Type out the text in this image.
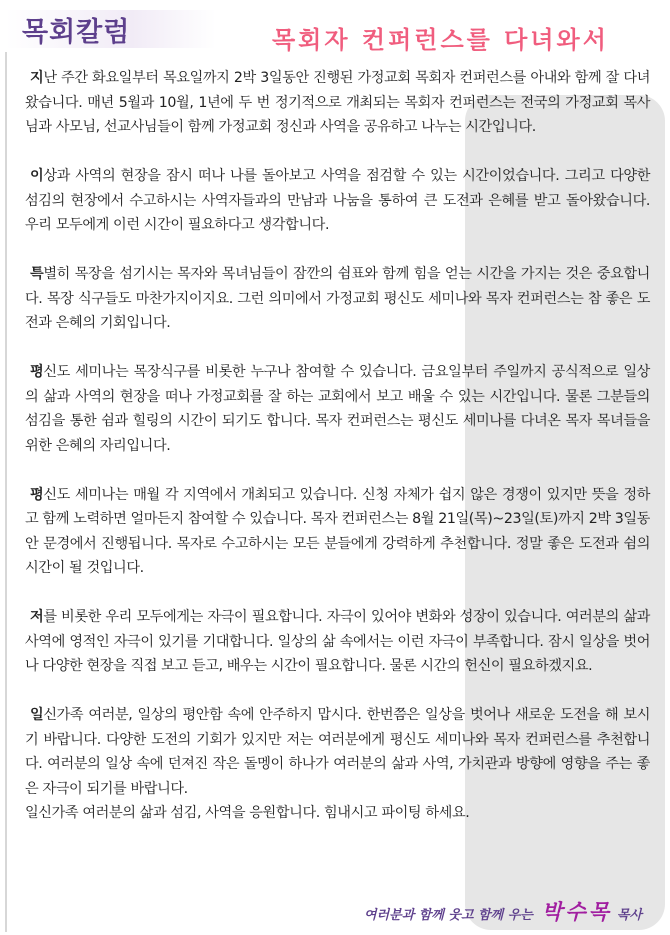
목회칼럼	목회자 컨퍼런스를 다녀와서

지난 주간 화요일부터 목요일까지 2박 3일동안 진행된 가정교회 목회자 컨퍼런스를 아내와 함께 잘 다녀왔습니다. 매년 5월과 10월, 1년에 두 번 정기적으로 개최되는 목회자 컨퍼런스는 전국의 가정교회 목사님과 사모님, 선교사님들이 함께 가정교회 정신과 사역을 공유하고 나누는 시간입니다.

이상과 사역의 현장을 잠시 떠나 나를 돌아보고 사역을 점검할 수 있는 시간이었습니다. 그리고 다양한 섬김의 현장에서 수고하시는 사역자들과의 만남과 나눔을 통하여 큰 도전과 은혜를 받고 돌아왔습니다. 우리 모두에게 이런 시간이 필요하다고 생각합니다.

특별히 목장을 섬기시는 목자와 목녀님들이 잠깐의 쉼표와 함께 힘을 얻는 시간을 가지는 것은 중요합니다. 목장 식구들도 마찬가지이지요. 그런 의미에서 가정교회 평신도 세미나와 목자 컨퍼런스는 참 좋은 도전과 은혜의 기회입니다.

평신도 세미나는 목장식구를 비롯한 누구나 참여할 수 있습니다. 금요일부터 주일까지 공식적으로 일상의 삶과 사역의 현장을 떠나 가정교회를 잘 하는 교회에서 보고 배울 수 있는 시간입니다. 물론 그분들의 섬김을 통한 쉼과 힐링의 시간이 되기도 합니다. 목자 컨퍼런스는 평신도 세미나를 다녀온 목자 목녀들을 위한 은혜의 자리입니다.

평신도 세미나는 매월 각 지역에서 개최되고 있습니다. 신청 자체가 쉽지 않은 경쟁이 있지만 뜻을 정하고 함께 노력하면 얼마든지 참여할 수 있습니다. 목자 컨퍼런스는 8월 21일(목)~23일(토)까지 2박 3일동안 문경에서 진행됩니다. 목자로 수고하시는 모든 분들에게 강력하게 추천합니다. 정말 좋은 도전과 쉼의 시간이 될 것입니다.

저를 비롯한 우리 모두에게는 자극이 필요합니다. 자극이 있어야 변화와 성장이 있습니다. 여러분의 삶과 사역에 영적인 자극이 있기를 기대합니다. 일상의 삶 속에서는 이런 자극이 부족합니다. 잠시 일상을 벗어나 다양한 현장을 직접 보고 듣고, 배우는 시간이 필요합니다. 물론 시간의 헌신이 필요하겠지요.

일신가족 여러분, 일상의 평안함 속에 안주하지 맙시다. 한번쯤은 일상을 벗어나 새로운 도전을 해 보시기 바랍니다. 다양한 도전의 기회가 있지만 저는 여러분에게 평신도 세미나와 목자 컨퍼런스를 추천합니다. 여러분의 일상 속에 던져진 작은 돌멩이 하나가 여러분의 삶과 사역, 가치관과 방향에 영향을 주는 좋은 자극이 되기를 바랍니다.

일신가족 여러분의 삶과 섬김, 사역을 응원합니다. 힘내시고 파이팅 하세요.

여러분과 함께 웃고 함께 우는 박수목 목사
